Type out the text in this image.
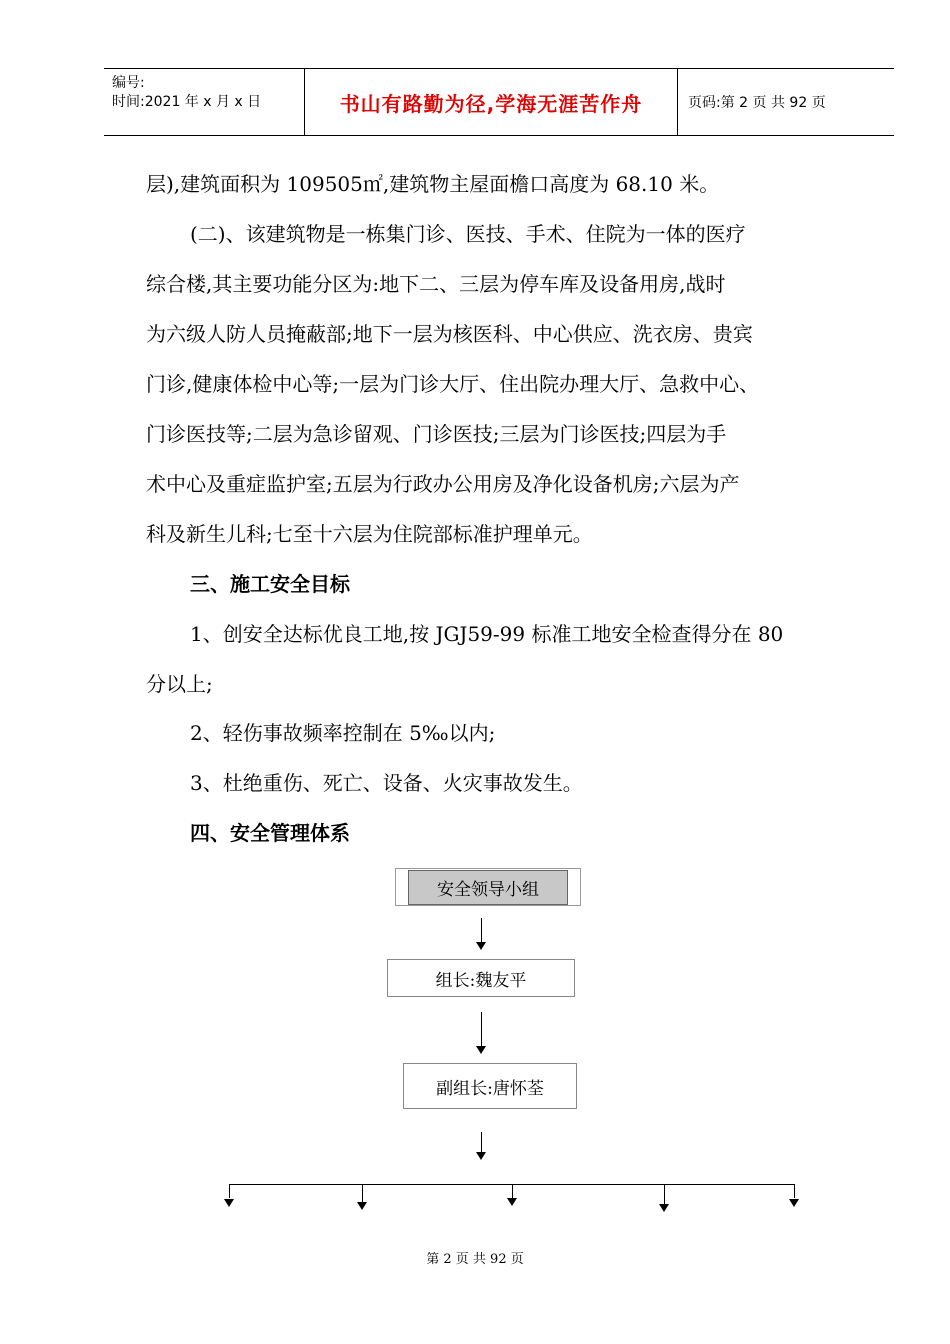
编号:
时间:2021 年 x 月 x 日	书山有路勤为径,学海无涯苦作舟	页码:第 2 页 共 92 页
层),建筑面积为 109505㎡,建筑物主屋面檐口高度为 68.10 米。
(二)、该建筑物是一栋集门诊、医技、手术、住院为一体的医疗
综合楼,其主要功能分区为:地下二、三层为停车库及设备用房,战时
为六级人防人员掩蔽部;地下一层为核医科、中心供应、洗衣房、贵宾
门诊,健康体检中心等;一层为门诊大厅、住出院办理大厅、急救中心、
门诊医技等;二层为急诊留观、门诊医技;三层为门诊医技;四层为手
术中心及重症监护室;五层为行政办公用房及净化设备机房;六层为产
科及新生儿科;七至十六层为住院部标准护理单元。
三、施工安全目标
1、创安全达标优良工地,按 JGJ59-99 标准工地安全检查得分在 80
分以上;
2、轻伤事故频率控制在 5‰以内;
3、杜绝重伤、死亡、设备、火灾事故发生。
四、安全管理体系
安全领导小组
组长:魏友平
副组长:唐怀荃
第 2 页 共 92 页
